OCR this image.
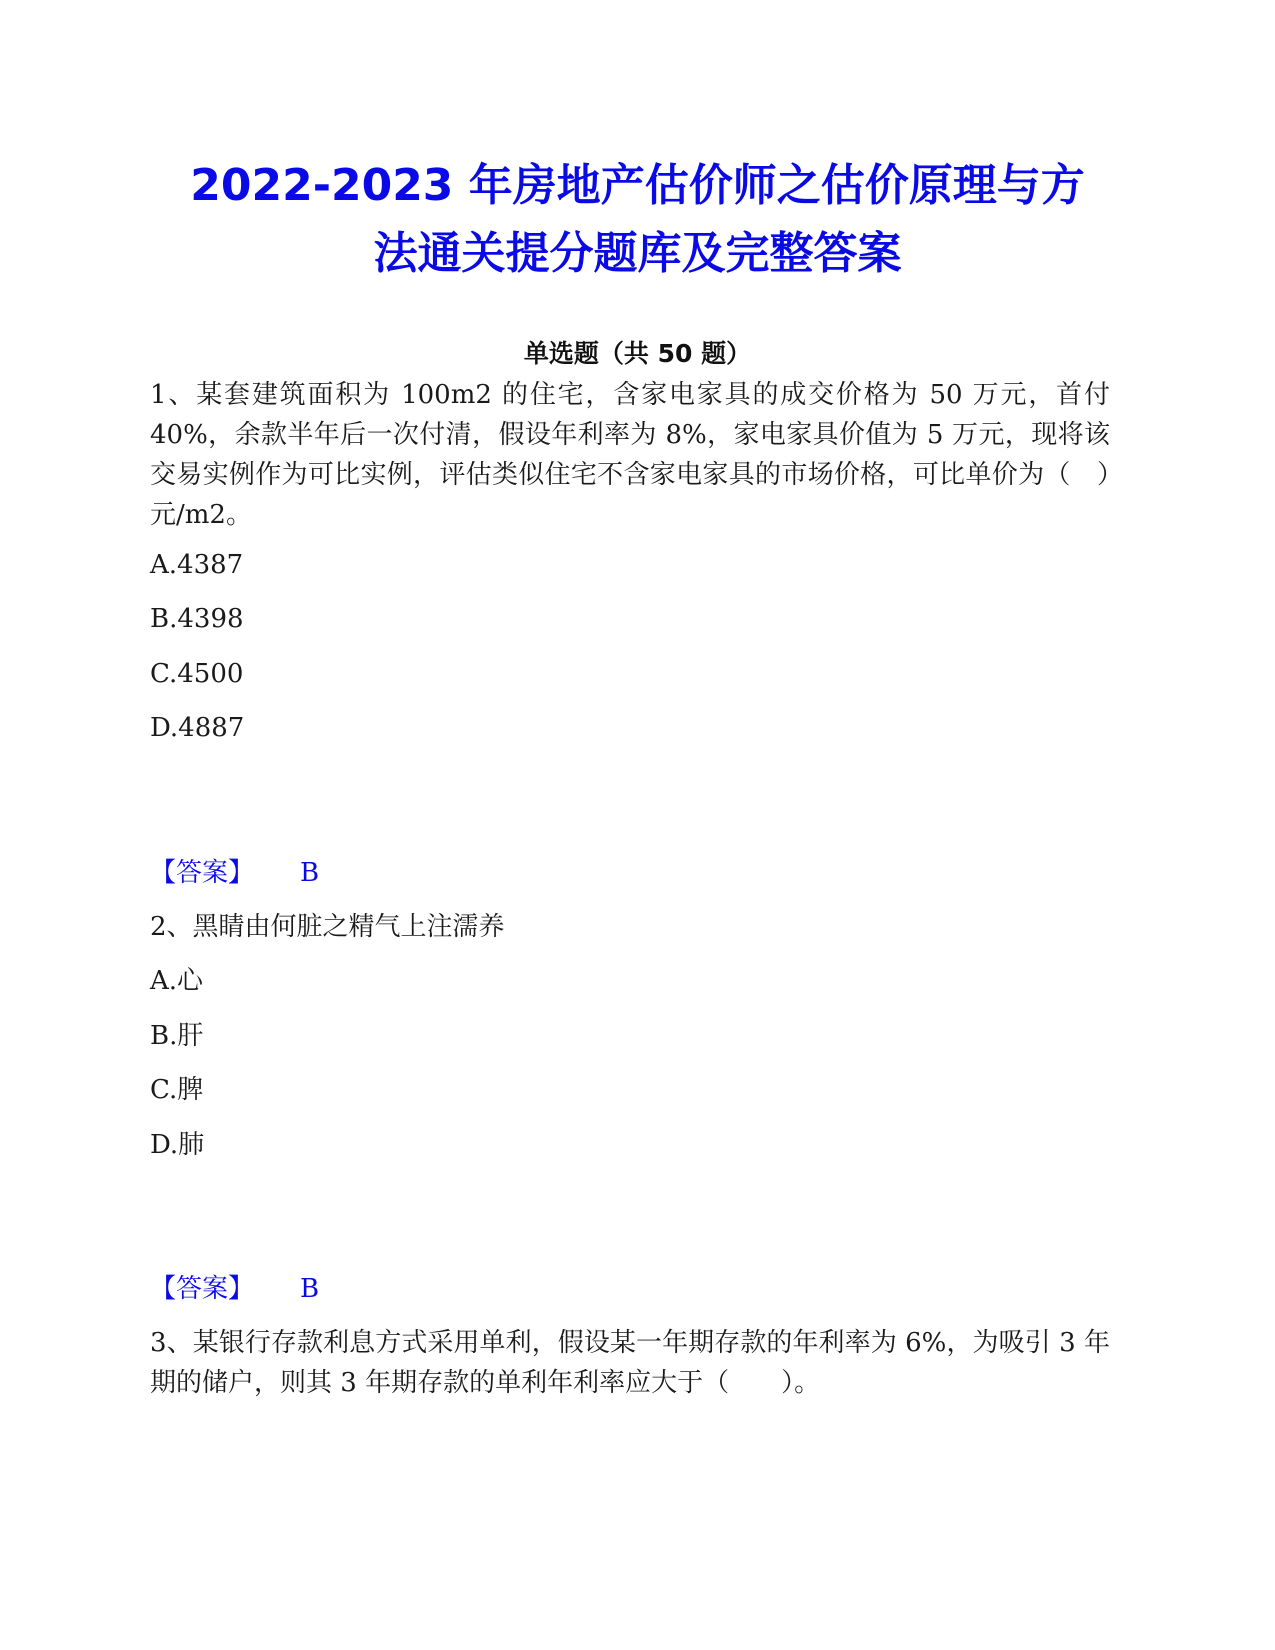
2022-2023 年房地产估价师之估价原理与方
法通关提分题库及完整答案
单选题（共 50 题）
1、某套建筑面积为 100m2 的住宅，含家电家具的成交价格为 50 万元，首付 40%，余款半年后一次付清，假设年利率为 8%，家电家具价值为 5 万元，现将该交易实例作为可比实例，评估类似住宅不含家电家具的市场价格，可比单价为（　）元/m2。
A.4387
B.4398
C.4500
D.4887
【答案】 B
2、黑睛由何脏之精气上注濡养
A.心
B.肝
C.脾
D.肺
【答案】 B
3、某银行存款利息方式采用单利，假设某一年期存款的年利率为 6%，为吸引 3 年期的储户，则其 3 年期存款的单利年利率应大于（　　）。
